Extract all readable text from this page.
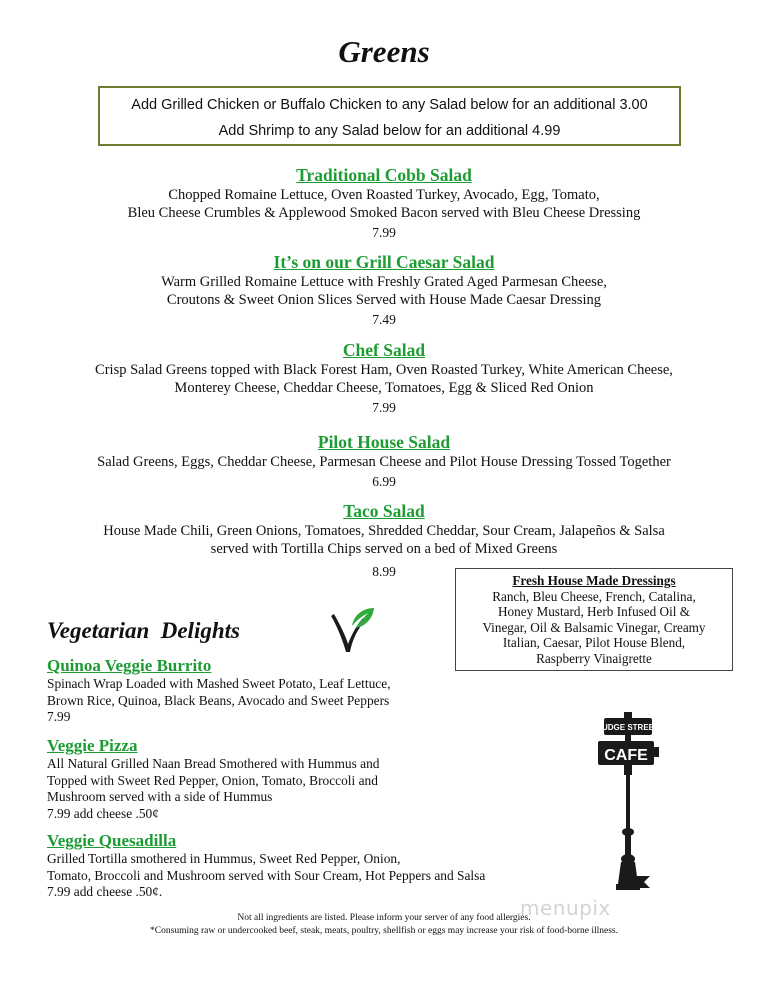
Greens
Add Grilled Chicken or Buffalo Chicken to any Salad below for an additional 3.00
Add Shrimp to any Salad below for an additional 4.99
Traditional Cobb Salad
Chopped Romaine Lettuce, Oven Roasted Turkey, Avocado, Egg, Tomato,
Bleu Cheese Crumbles & Applewood Smoked Bacon served with Bleu Cheese Dressing
7.99
It’s on our Grill Caesar Salad
Warm Grilled Romaine Lettuce with Freshly Grated Aged Parmesan Cheese,
Croutons & Sweet Onion Slices Served with House Made Caesar Dressing
7.49
Chef Salad
Crisp Salad Greens topped with Black Forest Ham, Oven Roasted Turkey, White American Cheese,
Monterey Cheese, Cheddar Cheese, Tomatoes, Egg & Sliced Red Onion
7.99
Pilot House Salad
Salad Greens, Eggs, Cheddar Cheese, Parmesan Cheese and Pilot House Dressing Tossed Together
6.99
Taco Salad
House Made Chili, Green Onions, Tomatoes, Shredded Cheddar, Sour Cream, Jalapeños & Salsa
served with Tortilla Chips served on a bed of Mixed Greens
8.99
Fresh House Made Dressings
Ranch, Bleu Cheese, French, Catalina,
Honey Mustard, Herb Infused Oil &
Vinegar, Oil & Balsamic Vinegar, Creamy
Italian, Caesar, Pilot House Blend,
Raspberry Vinaigrette
Vegetarian  Delights
Quinoa Veggie Burrito
Spinach Wrap Loaded with Mashed Sweet Potato, Leaf Lettuce,
Brown Rice, Quinoa, Black Beans, Avocado and Sweet Peppers
7.99
Veggie Pizza
All Natural Grilled Naan Bread Smothered with Hummus and
Topped with Sweet Red Pepper, Onion, Tomato, Broccoli and
Mushroom served with a side of Hummus
7.99 add cheese .50¢
Veggie Quesadilla
Grilled Tortilla smothered in Hummus, Sweet Red Pepper, Onion,
Tomato, Broccoli and Mushroom served with Sour Cream, Hot Peppers and Salsa
7.99 add cheese .50¢.
FUDGE STREET
CAFE
menupix
Not all ingredients are listed. Please inform your server of any food allergies.
*Consuming raw or undercooked beef, steak, meats, poultry, shellfish or eggs may increase your risk of food-borne illness.
